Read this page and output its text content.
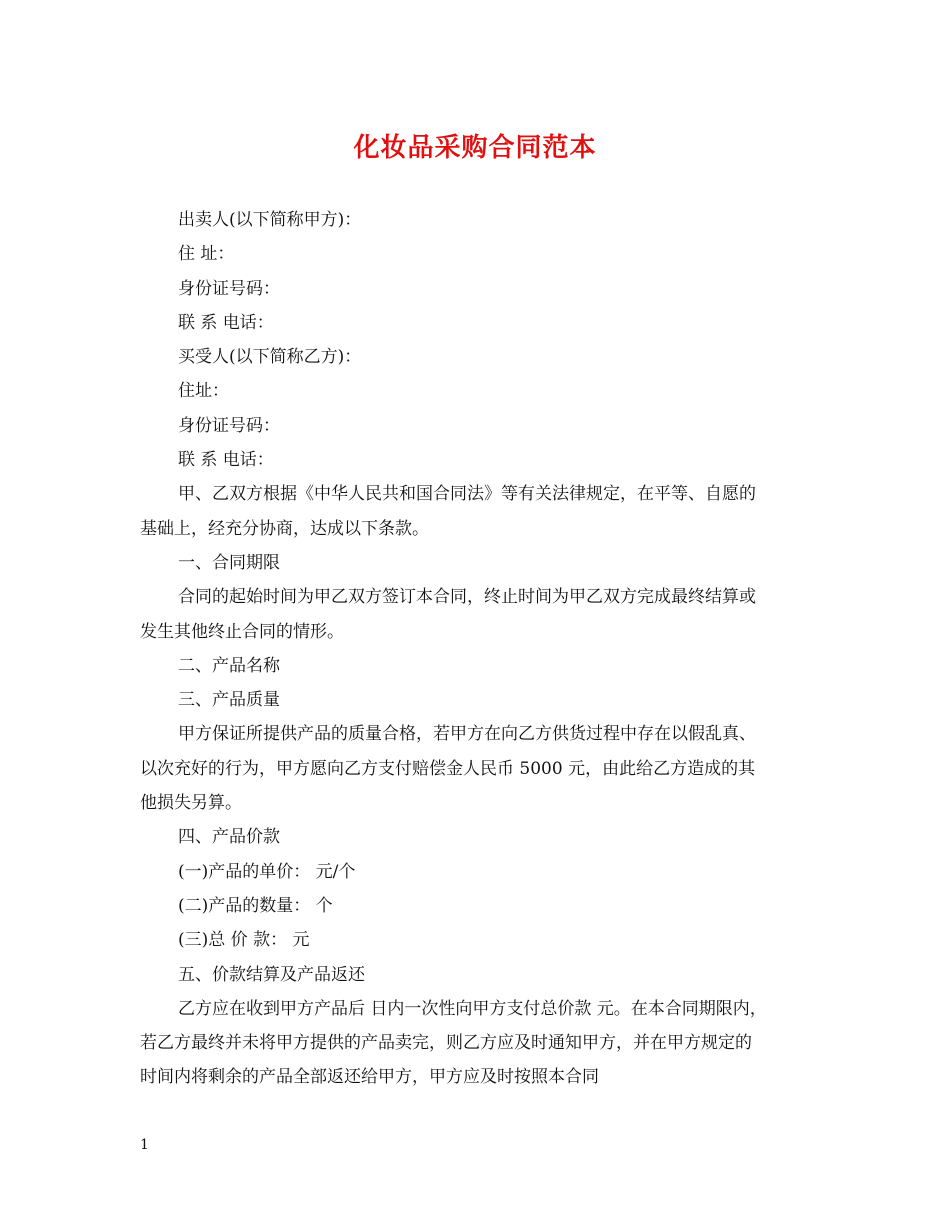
化妆品采购合同范本
出卖人(以下简称甲方)：
住 址：
身份证号码：
联 系 电话：
买受人(以下简称乙方)：
住址：
身份证号码：
联 系 电话：
甲、乙双方根据《中华人民共和国合同法》等有关法律规定，在平等、自愿的
基础上，经充分协商，达成以下条款。
一、合同期限
合同的起始时间为甲乙双方签订本合同，终止时间为甲乙双方完成最终结算或
发生其他终止合同的情形。
二、产品名称
三、产品质量
甲方保证所提供产品的质量合格，若甲方在向乙方供货过程中存在以假乱真、
以次充好的行为，甲方愿向乙方支付赔偿金人民币 5000 元，由此给乙方造成的其
他损失另算。
四、产品价款
(一)产品的单价： 元/个
(二)产品的数量： 个
(三)总 价 款： 元
五、价款结算及产品返还
乙方应在收到甲方产品后 日内一次性向甲方支付总价款 元。在本合同期限内，
若乙方最终并未将甲方提供的产品卖完，则乙方应及时通知甲方，并在甲方规定的
时间内将剩余的产品全部返还给甲方，甲方应及时按照本合同
1
